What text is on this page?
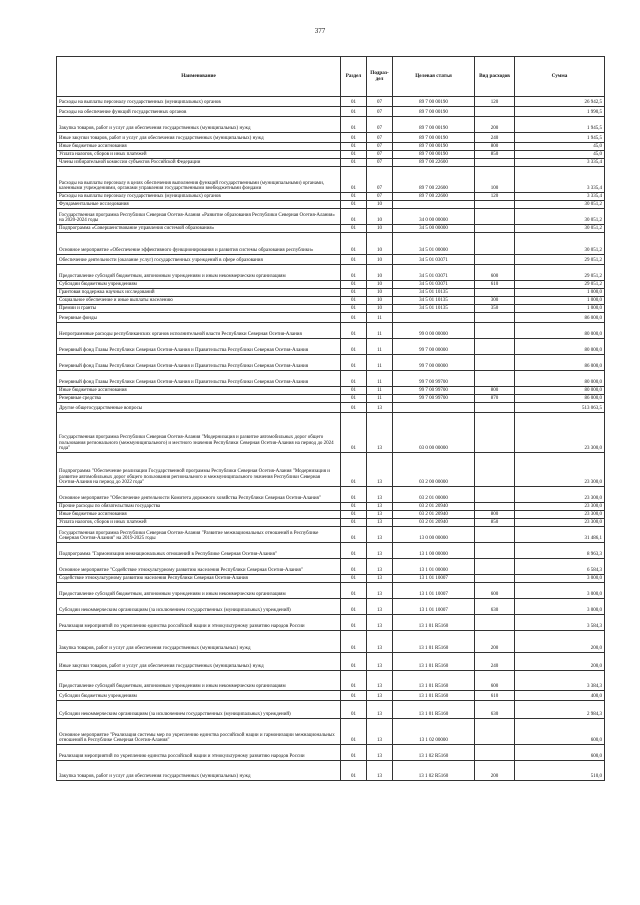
377
Наименование	Раздел	Подраз-дел	Целевая статья	Вид расходов	Сумма
Расходы на выплаты персоналу государственных (муниципальных) органов	01	07	89 7 00 00190	120	26 942,5
Расходы на обеспечение функций государственных органов	01	07	89 7 00 00190		1 990,5
Закупка товаров, работ и услуг для обеспечения государственных (муниципальных) нужд	01	07	89 7 00 00190	200	1 945,5
Иные закупки товаров, работ и услуг для обеспечения государственных (муниципальных) нужд	01	07	89 7 00 00190	240	1 945,5
Иные бюджетные ассигнования	01	07	89 7 00 00190	800	45,0
Уплата налогов, сборов и иных платежей	01	07	89 7 00 00190	850	45,0
Члены избирательной комиссии субъектов Российской Федерации	01	07	89 7 00 22600		3 335,4
Расходы на выплаты персоналу в целях обеспечения выполнения функций государственными (муниципальными) органами, казенными учреждениями, органами управления государственными внебюджетными фондами	01	07	89 7 00 22600	100	3 335,4
Расходы на выплаты персоналу государственных (муниципальных) органов	01	07	89 7 00 22600	120	3 335,4
Фундаментальные исследования	01	10			30 051,2
Государственная программа Республики Северная Осетия-Алания «Развитие образования Республики Северная Осетия-Алания» на 2020-2024 годы	01	10	34 0 00 00000		30 051,2
Подпрограмма «Совершенствование управления системой образования»	01	10	34 5 00 00000		30 051,2
Основное мероприятие «Обеспечение эффективного функционирования и развития системы образования республики»	01	10	34 5 01 00000		30 051,2
Обеспечение деятельности (оказание услуг) государственных учреждений в сфере образования	01	10	34 5 01 03071		29 051,2
Предоставление субсидий бюджетным, автономным учреждениям и иным некоммерческим организациям	01	10	34 5 01 03071	600	29 051,2
Субсидии бюджетным учреждениям	01	10	34 5 01 03071	610	29 051,2
Грантовая поддержка научных исследований	01	10	34 5 01 10135		1 000,0
Социальное обеспечение и иные выплаты населению	01	10	34 5 01 10135	300	1 000,0
Премии и гранты	01	10	34 5 01 10135	350	1 000,0
Резервные фонды	01	11			86 000,0
Непрограммные расходы республиканских органов исполнительной власти Республики Северная Осетия-Алания	01	11	99 0 00 00000		80 000,0
Резервный фонд Главы Республики Северная Осетия-Алания и Правительства Республики Северная Осетия-Алания	01	11	99 7 00 00000		80 000,0
Резервный фонд Главы Республики Северная Осетия-Алания и Правительства Республики Северная Осетия-Алания	01	11	99 7 00 00000		86 000,0
Резервный фонд Главы Республики Северная Осетия-Алания и Правительства Республики Северная Осетия-Алания	01	11	99 7 00 99700		80 000,0
Иные бюджетные ассигнования	01	11	99 7 00 99700	800	80 000,0
Резервные средства	01	11	99 7 00 99700	870	86 000,0
Другие общегосударственные вопросы	01	13			513 063,5
Государственная программа Республики Северная Осетия-Алания "Модернизация и развитие автомобильных дорог общего пользования регионального (межмуниципального) и местного значения Республики Северная Осетия-Алания на период до 2024 года"	01	13	03 0 00 00000		23 300,0
Подпрограмма "Обеспечение реализации Государственной программы Республики Северная Осетия-Алания "Модернизация и развитие автомобильных дорог общего пользования регионального и межмуниципального значения Республики Северная Осетия-Алания на период до 2022 года"	01	13	03 2 00 00000		23 300,0
Основное мероприятие "Обеспечение деятельности Комитета дорожного хозяйства Республики Северная Осетия-Алания"	01	13	03 2 01 00000		23 300,0
Прочие расходы по обязательствам государства	01	13	03 2 01 20940		23 300,0
Иные бюджетные ассигнования	01	13	03 2 01 20940	800	23 300,0
Уплата налогов, сборов и иных платежей	01	13	03 2 01 20940	850	23 300,0
Государственная программа Республики Северная Осетия-Алания "Развитие межнациональных отношений в Республике Северная Осетия-Алания" на 2019-2025 годы	01	13	13 0 00 00000		31 486,1
Подпрограмма "Гармонизация межнациональных отношений в Республике Северная Осетия-Алания"	01	13	13 1 00 00000		8 963,3
Основное мероприятие "Содействие этнокультурному развитию населения Республики Северная Осетия-Алания"	01	13	13 1 01 00000		6 584,3
Содействие этнокультурному развитию населения Республики Северная Осетия-Алания	01	13	13 1 01 10007		3 000,0
Предоставление субсидий бюджетным, автономным учреждениям и иным некоммерческим организациям	01	13	13 1 01 10007	600	3 000,0
Субсидии некоммерческим организациям (за исключением государственных (муниципальных) учреждений)	01	13	13 1 01 10007	630	3 000,0
Реализация мероприятий по укреплению единства российской нации и этнокультурному развитию народов России	01	13	13 1 01 R5160		3 584,3
Закупка товаров, работ и услуг для обеспечения государственных (муниципальных) нужд	01	13	13 1 01 R5160	200	200,0
Иные закупки товаров, работ и услуг для обеспечения государственных (муниципальных) нужд	01	13	13 1 01 R5160	240	200,0
Предоставление субсидий бюджетным, автономным учреждениям и иным некоммерческим организациям	01	13	13 1 01 R5160	600	3 384,3
Субсидии бюджетным учреждениям	01	13	13 1 01 R5160	610	400,0
Субсидии некоммерческим организациям (за исключением государственных (муниципальных) учреждений)	01	13	13 1 01 R5160	630	2 984,3
Основное мероприятие "Реализация системы мер по укреплению единства российской нации и гармонизации межнациональных отношений в Республике Северная Осетия-Алания"	01	13	13 1 02 00000		600,0
Реализация мероприятий по укреплению единства российской нации и этнокультурному развитию народов России	01	13	13 1 02 R5160		600,0
Закупка товаров, работ и услуг для обеспечения государственных (муниципальных) нужд	01	13	13 1 02 R5160	200	510,0
